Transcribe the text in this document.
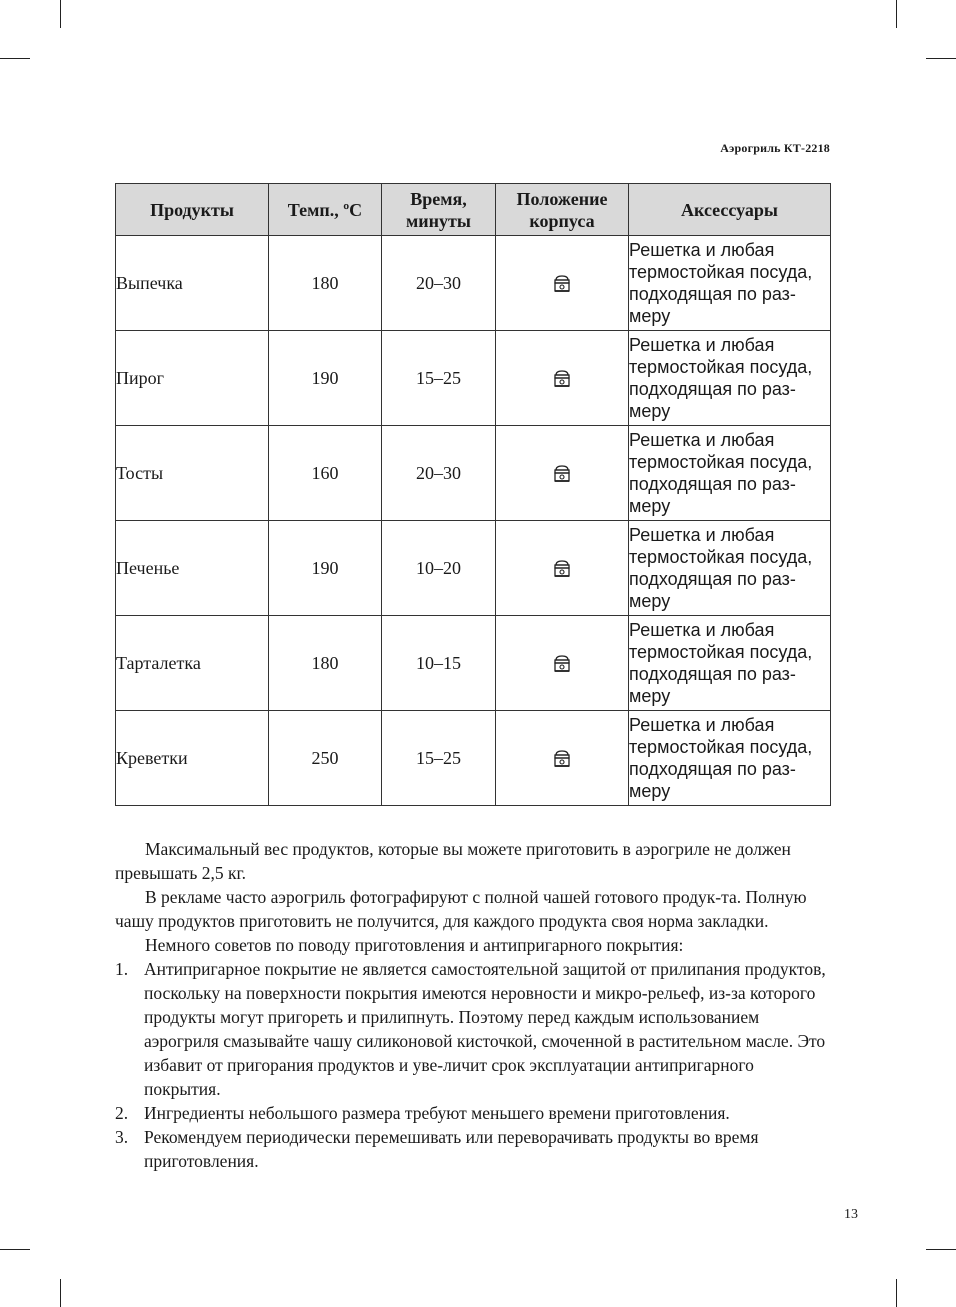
Аэрогриль КТ-2218
Продукты	Темп., ºС	Время, минуты	Положение корпуса	Аксессуары
Выпечка	180	20–30		Решетка и любая термостойкая посуда, подходящая по раз-меру
Пирог	190	15–25		Решетка и любая термостойкая посуда, подходящая по раз-меру
Тосты	160	20–30		Решетка и любая термостойкая посуда, подходящая по раз-меру
Печенье	190	10–20		Решетка и любая термостойкая посуда, подходящая по раз-меру
Тарталетка	180	10–15		Решетка и любая термостойкая посуда, подходящая по раз-меру
Креветки	250	15–25		Решетка и любая термостойкая посуда, подходящая по раз-меру

Максимальный вес продуктов, которые вы можете приготовить в аэрогриле не должен превышать 2,5 кг.

В рекламе часто аэрогриль фотографируют с полной чашей готового продук-та. Полную чашу продуктов приготовить не получится, для каждого продукта своя норма закладки.

Немного советов по поводу приготовления и антипригарного покрытия:

1. Антипригарное покрытие не является самостоятельной защитой от прилипания продуктов, поскольку на поверхности покрытия имеются неровности и микро-рельеф, из-за которого продукты могут пригореть и прилипнуть. Поэтому перед каждым использованием аэрогриля смазывайте чашу силиконовой кисточкой, смоченной в растительном масле. Это избавит от пригорания продуктов и уве-личит срок эксплуатации антипригарного покрытия.
2. Ингредиенты небольшого размера требуют меньшего времени приготовления.
3. Рекомендуем периодически перемешивать или переворачивать продукты во время приготовления.
13
